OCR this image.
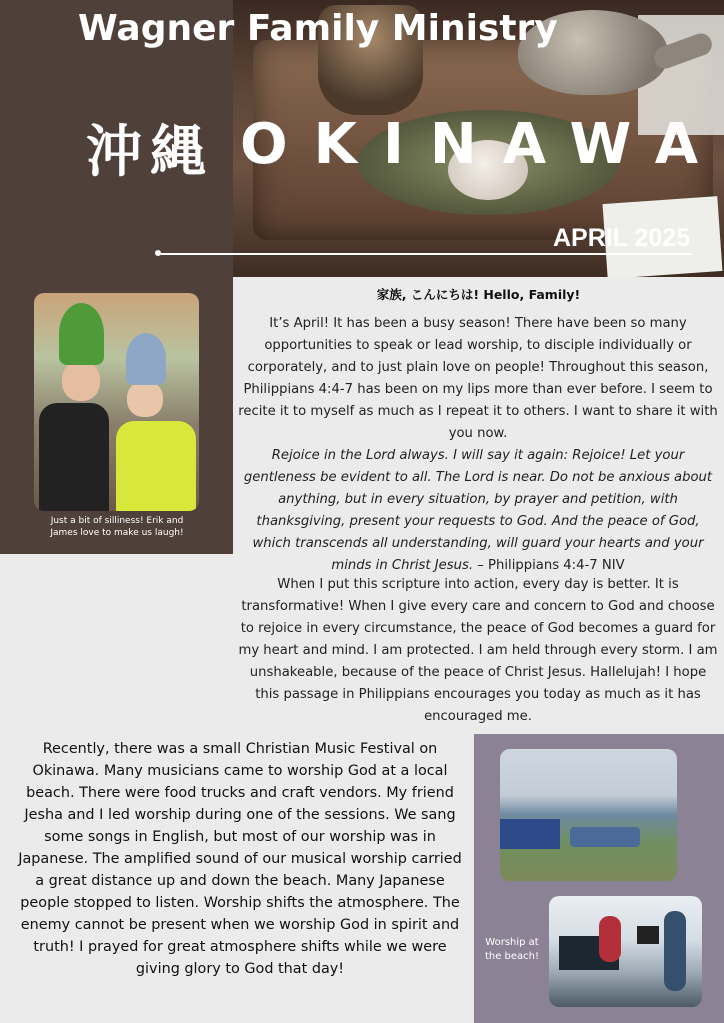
Wagner Family Ministry
沖縄 OKINAWA
APRIL 2025
Just a bit of silliness! Erik and James love to make us laugh!
家族, こんにちは! Hello, Family!
It’s April! It has been a busy season! There have been so many opportunities to speak or lead worship, to disciple individually or corporately, and to just plain love on people! Throughout this season, Philippians 4:4-7 has been on my lips more than ever before. I seem to recite it to myself as much as I repeat it to others. I want to share it with you now.
Rejoice in the Lord always. I will say it again: Rejoice! Let your gentleness be evident to all. The Lord is near. Do not be anxious about anything, but in every situation, by prayer and petition, with thanksgiving, present your requests to God. And the peace of God, which transcends all understanding, will guard your hearts and your minds in Christ Jesus. – Philippians 4:4-7 NIV
When I put this scripture into action, every day is better. It is transformative! When I give every care and concern to God and choose to rejoice in every circumstance, the peace of God becomes a guard for my heart and mind. I am protected. I am held through every storm. I am unshakeable, because of the peace of Christ Jesus. Hallelujah! I hope this passage in Philippians encourages you today as much as it has encouraged me.
Recently, there was a small Christian Music Festival on Okinawa. Many musicians came to worship God at a local beach. There were food trucks and craft vendors. My friend Jesha and I led worship during one of the sessions. We sang some songs in English, but most of our worship was in Japanese. The amplified sound of our musical worship carried a great distance up and down the beach. Many Japanese people stopped to listen. Worship shifts the atmosphere. The enemy cannot be present when we worship God in spirit and truth! I prayed for great atmosphere shifts while we were giving glory to God that day!
Worship at the beach!
